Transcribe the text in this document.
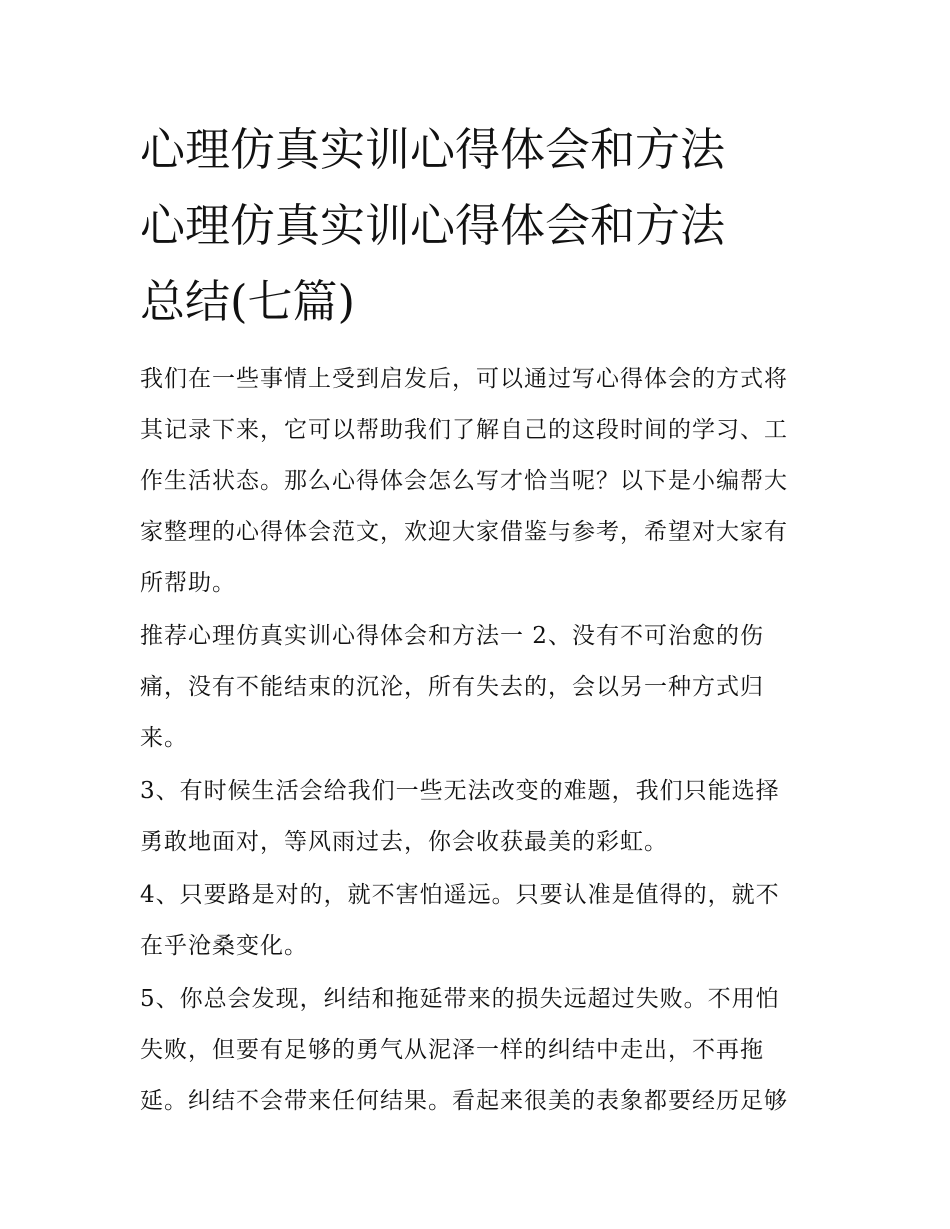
心理仿真实训心得体会和方法
心理仿真实训心得体会和方法
总结(七篇)

我们在一些事情上受到启发后，可以通过写心得体会的方式将
其记录下来，它可以帮助我们了解自己的这段时间的学习、工
作生活状态。那么心得体会怎么写才恰当呢？以下是小编帮大
家整理的心得体会范文，欢迎大家借鉴与参考，希望对大家有
所帮助。

推荐心理仿真实训心得体会和方法一 2、没有不可治愈的伤
痛，没有不能结束的沉沦，所有失去的，会以另一种方式归
来。

3、有时候生活会给我们一些无法改变的难题，我们只能选择
勇敢地面对，等风雨过去，你会收获最美的彩虹。

4、只要路是对的，就不害怕遥远。只要认准是值得的，就不
在乎沧桑变化。

5、你总会发现，纠结和拖延带来的损失远超过失败。不用怕
失败，但要有足够的勇气从泥泽一样的纠结中走出，不再拖
延。纠结不会带来任何结果。看起来很美的表象都要经历足够
